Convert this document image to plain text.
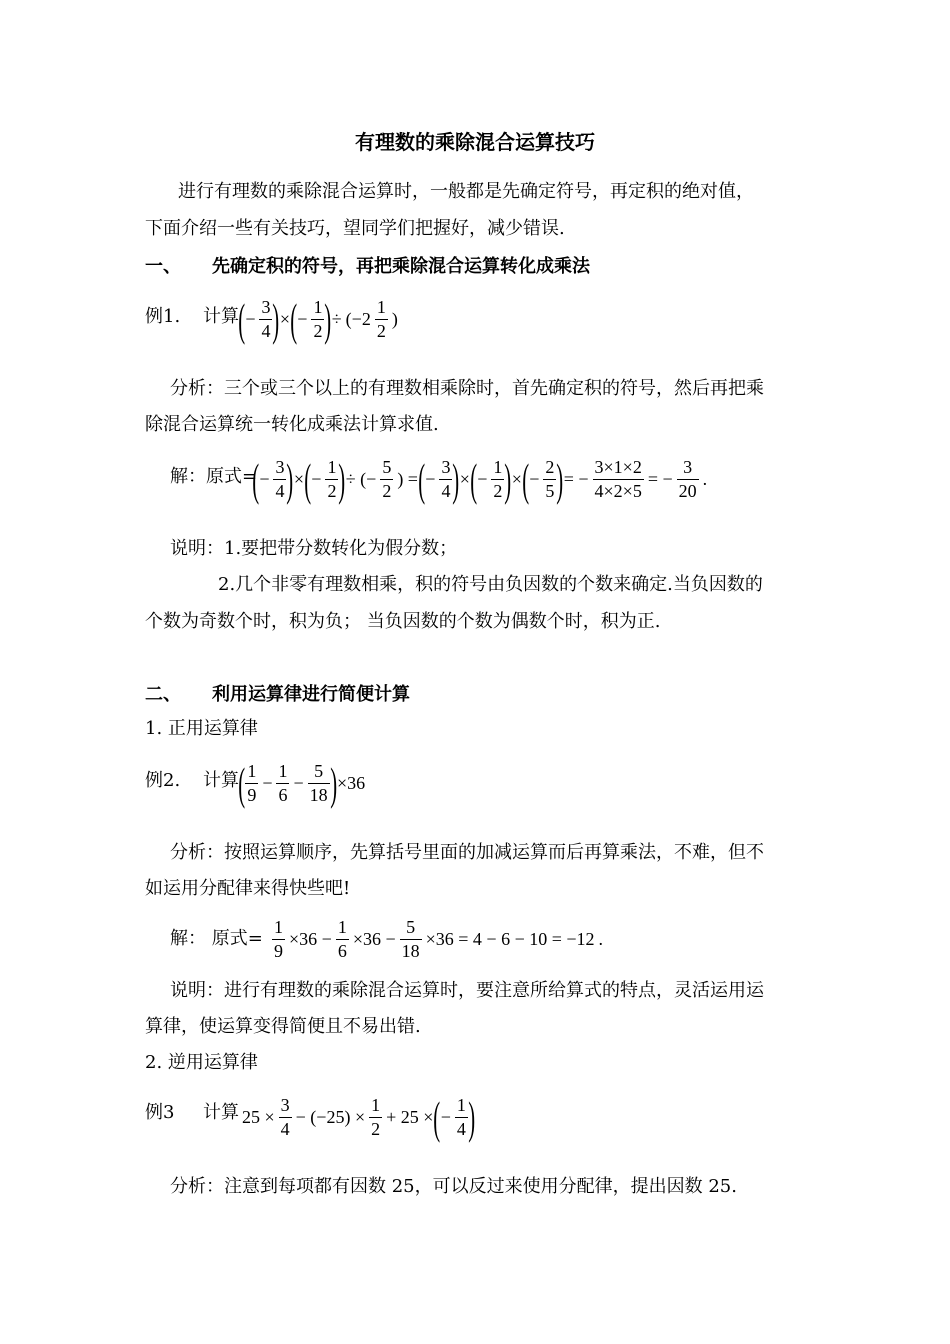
有理数的乘除混合运算技巧
进行有理数的乘除混合运算时，一般都是先确定符号，再定积的绝对值，
下面介绍一些有关技巧，望同学们把握好，减少错误.
一、 先确定积的符号，再把乘除混合运算转化成乘法
例1. 计算 ( − $\frac{3}{4}$ ) × ( − $\frac{1}{2}$ ) ÷ ($-2 \frac{1}{2}$ )
分析：三个或三个以上的有理数相乘除时，首先确定积的符号，然后再把乘
除混合运算统一转化成乘法计算求值.
解：原式=
( − $\frac{3}{4}$ ) × ( − $\frac{1}{2}$ ) ÷ (− $\frac{5}{2}$ ) = ( − $\frac{3}{4}$ ) × ( − $\frac{1}{2}$ ) × ( − $\frac{2}{5}$ ) = − $\frac{3\times 1\times 2}{4\times 2\times 5}$ = − $\frac{3}{20}$ .
说明：1.要把带分数转化为假分数；
2.几个非零有理数相乘，积的符号由负因数的个数来确定.当负因数的
个数为奇数个时，积为负； 当负因数的个数为偶数个时，积为正.
二、 利用运算律进行简便计算
1. 正用运算律
例2. 计算 ( $\frac{1}{9} - \frac{1}{6} - \frac{5}{18}$ ) ×36
分析：按照运算顺序，先算括号里面的加减运算而后再算乘法，不难，但不
如运用分配律来得快些吧!
解： 原式= $\frac{1}{9} \times 36 - \frac{1}{6} \times 36 - \frac{5}{18} \times 36 = 4 - 6 - 10 = -12$ .
说明：进行有理数的乘除混合运算时，要注意所给算式的特点，灵活运用运
算律，使运算变得简便且不易出错.
2. 逆用运算律
例3 计算 $25 \times \frac{3}{4} - (-25) \times \frac{1}{2} + 25$ × ( − $\frac{1}{4}$ )
分析：注意到每项都有因数 25，可以反过来使用分配律，提出因数 25.
